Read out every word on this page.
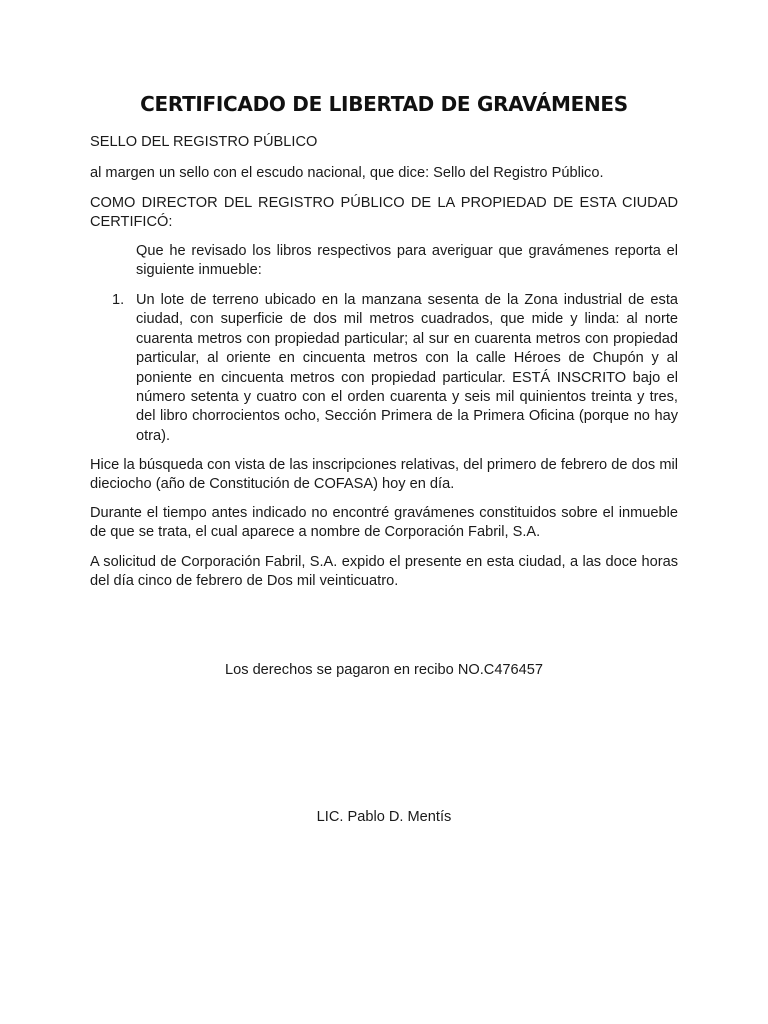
CERTIFICADO DE LIBERTAD DE GRAVÁMENES

SELLO DEL REGISTRO PÚBLICO

al margen un sello con el escudo nacional, que dice: Sello del Registro Público.

COMO DIRECTOR DEL REGISTRO PÚBLICO DE LA PROPIEDAD DE ESTA CIUDAD CERTIFICÓ:

Que he revisado los libros respectivos para averiguar que gravámenes reporta el siguiente inmueble:

1. Un lote de terreno ubicado en la manzana sesenta de la Zona industrial de esta ciudad, con superficie de dos mil metros cuadrados, que mide y linda: al norte cuarenta metros con propiedad particular; al sur en cuarenta metros con propiedad particular, al oriente en cincuenta metros con la calle Héroes de Chupón y al poniente en cincuenta metros con propiedad particular. ESTÁ INSCRITO bajo el número setenta y cuatro con el orden cuarenta y seis mil quinientos treinta y tres, del libro chorrocientos ocho, Sección Primera de la Primera Oficina (porque no hay otra).

Hice la búsqueda con vista de las inscripciones relativas, del primero de febrero de dos mil dieciocho (año de Constitución de COFASA) hoy en día.

Durante el tiempo antes indicado no encontré gravámenes constituidos sobre el inmueble de que se trata, el cual aparece a nombre de Corporación Fabril, S.A.

A solicitud de Corporación Fabril, S.A. expido el presente en esta ciudad, a las doce horas del día cinco de febrero de Dos mil veinticuatro.

Los derechos se pagaron en recibo NO.C476457

LIC. Pablo D. Mentís
